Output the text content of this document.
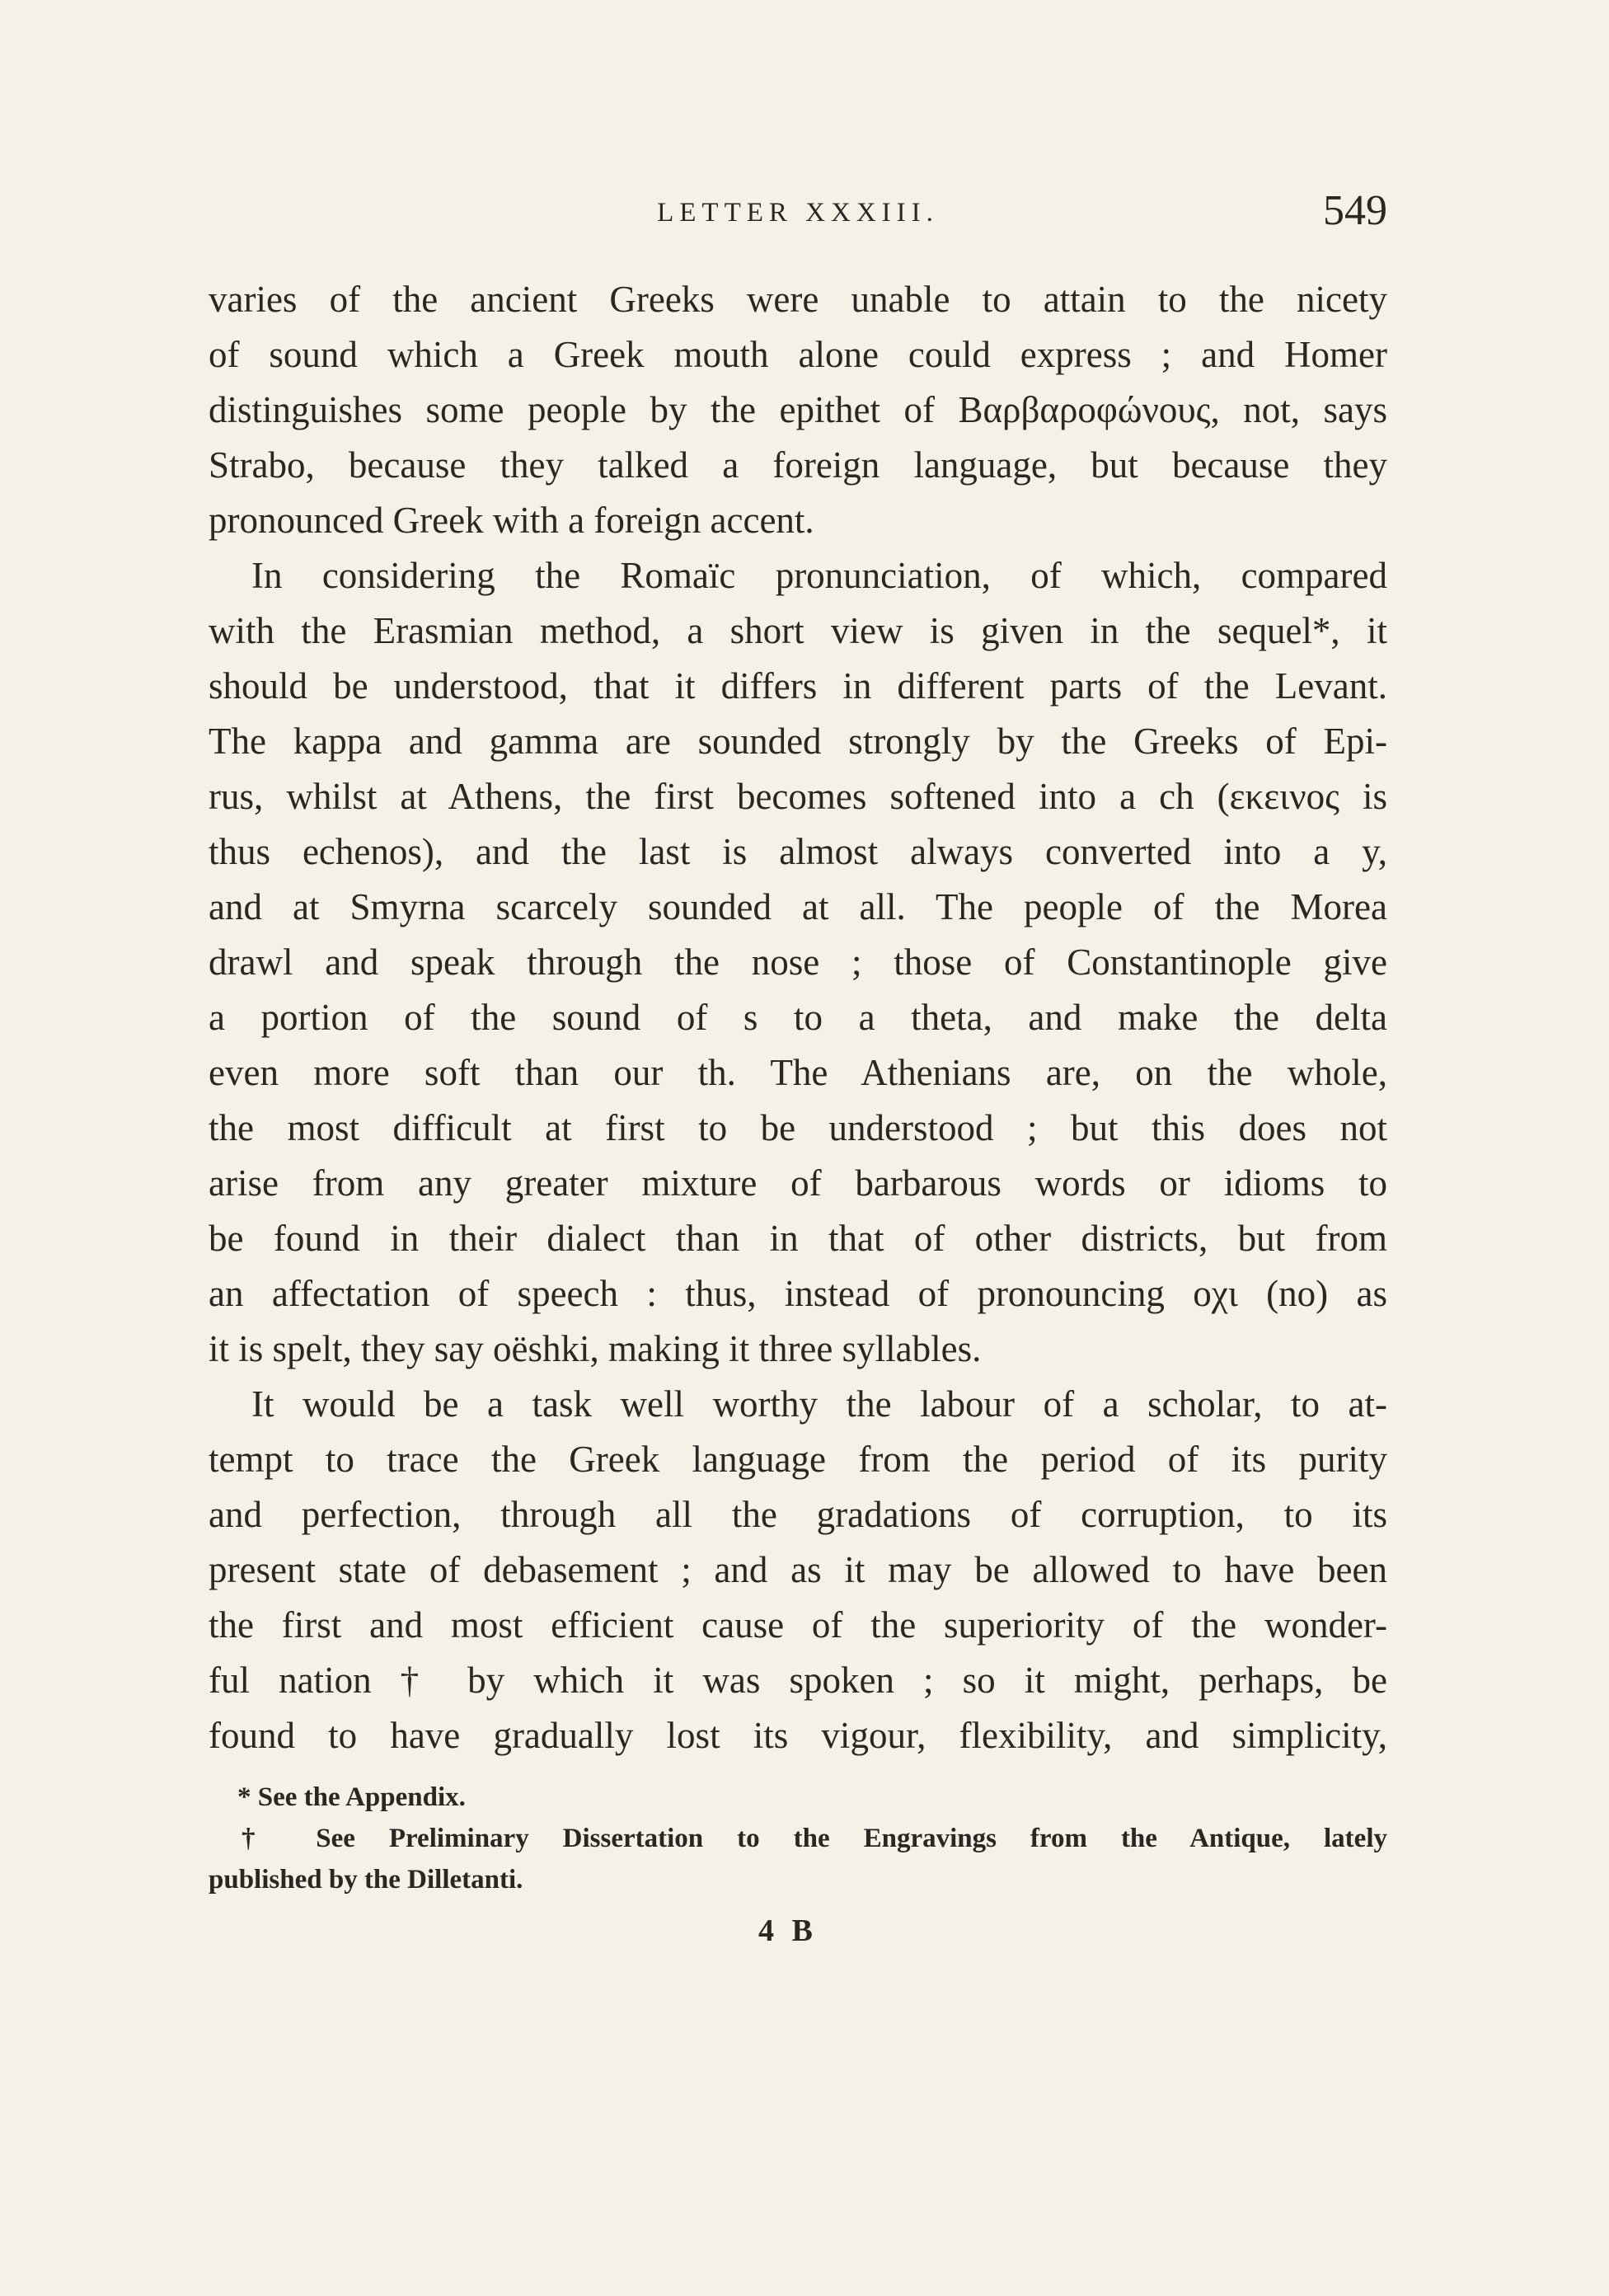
LETTER XXXIII.	549
varies of the ancient Greeks were unable to attain to the nicety
of sound which a Greek mouth alone could express ; and Homer
distinguishes some people by the epithet of Βαρβαροφώνους, not, says
Strabo, because they talked a foreign language, but because they
pronounced Greek with a foreign accent.
In considering the Romaïc pronunciation, of which, compared
with the Erasmian method, a short view is given in the sequel*, it
should be understood, that it differs in different parts of the Levant.
The kappa and gamma are sounded strongly by the Greeks of Epi-
rus, whilst at Athens, the first becomes softened into a ch (εκεινος is
thus echenos), and the last is almost always converted into a y,
and at Smyrna scarcely sounded at all. The people of the Morea
drawl and speak through the nose ; those of Constantinople give
a portion of the sound of s to a theta, and make the delta
even more soft than our th. The Athenians are, on the whole,
the most difficult at first to be understood ; but this does not
arise from any greater mixture of barbarous words or idioms to
be found in their dialect than in that of other districts, but from
an affectation of speech : thus, instead of pronouncing οχι (no) as
it is spelt, they say oëshki, making it three syllables.
It would be a task well worthy the labour of a scholar, to at-
tempt to trace the Greek language from the period of its purity
and perfection, through all the gradations of corruption, to its
present state of debasement ; and as it may be allowed to have been
the first and most efficient cause of the superiority of the wonder-
ful nation † by which it was spoken ; so it might, perhaps, be
found to have gradually lost its vigour, flexibility, and simplicity,
* See the Appendix.
† See Preliminary Dissertation to the Engravings from the Antique, lately
published by the Dilletanti.
4 B
